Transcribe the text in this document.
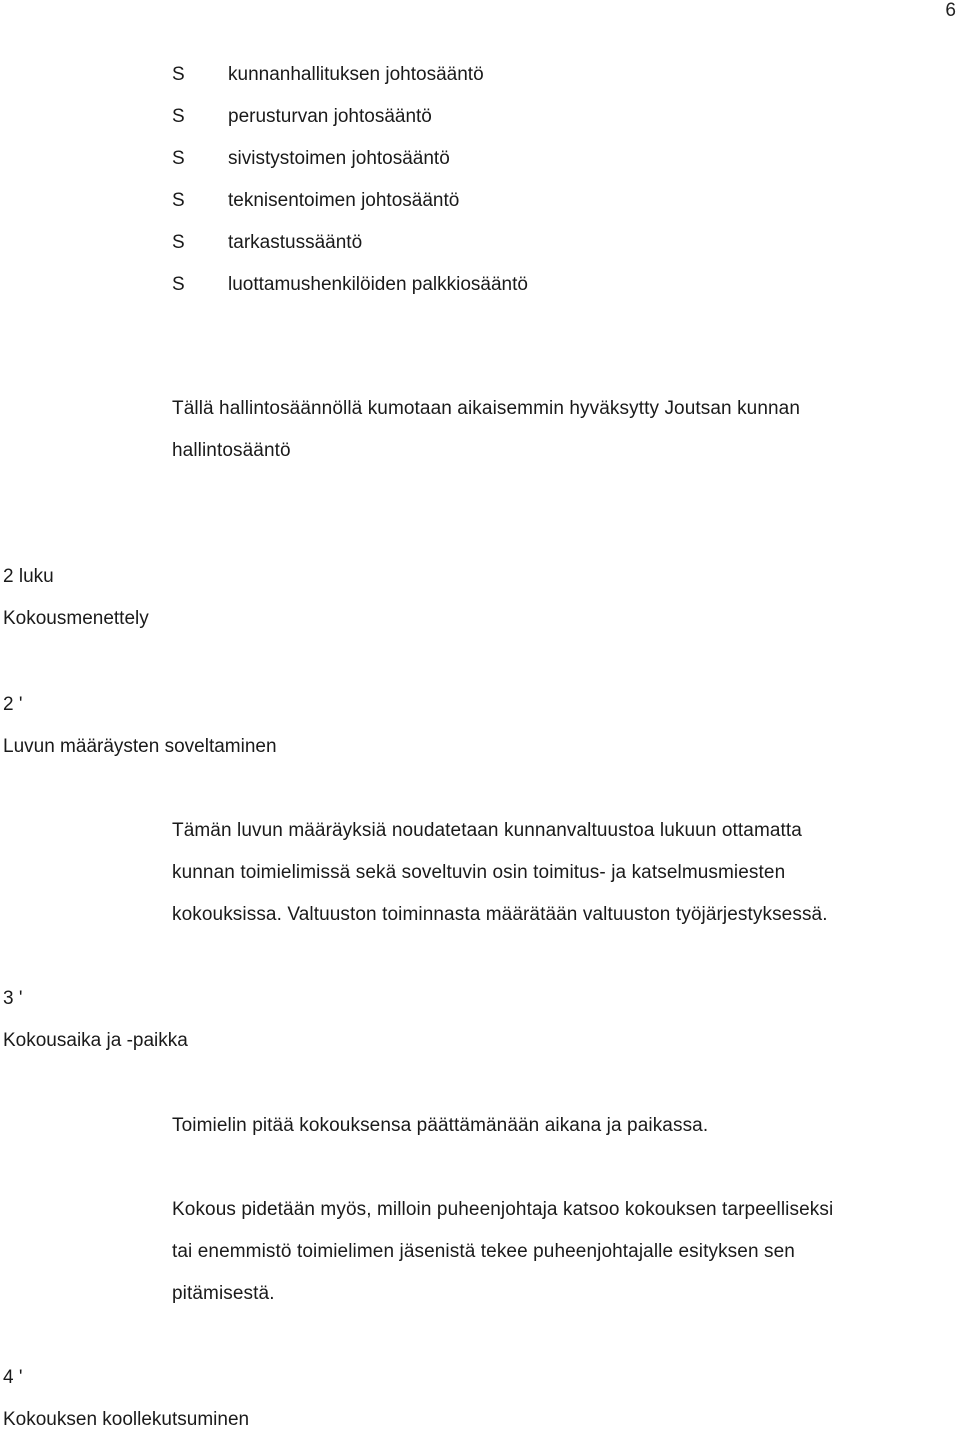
6
S	kunnanhallituksen johtosääntö
S	perusturvan johtosääntö
S	sivistystoimen johtosääntö
S	teknisentoimen johtosääntö
S	tarkastussääntö
S	luottamushenkilöiden palkkiosääntö
Tällä hallintosäännöllä kumotaan aikaisemmin hyväksytty Joutsan kunnan
hallintosääntö
2 luku
Kokousmenettely
2 '
Luvun määräysten soveltaminen
Tämän luvun määräyksiä noudatetaan kunnanvaltuustoa lukuun ottamatta
kunnan toimielimissä sekä soveltuvin osin toimitus- ja katselmusmiesten
kokouksissa. Valtuuston toiminnasta määrätään valtuuston työjärjestyksessä.
3 '
Kokousaika ja -paikka
Toimielin pitää kokouksensa päättämänään aikana ja paikassa.
Kokous pidetään myös, milloin puheenjohtaja katsoo kokouksen tarpeelliseksi
tai enemmistö toimielimen jäsenistä tekee puheenjohtajalle esityksen sen
pitämisestä.
4 '
Kokouksen koollekutsuminen
